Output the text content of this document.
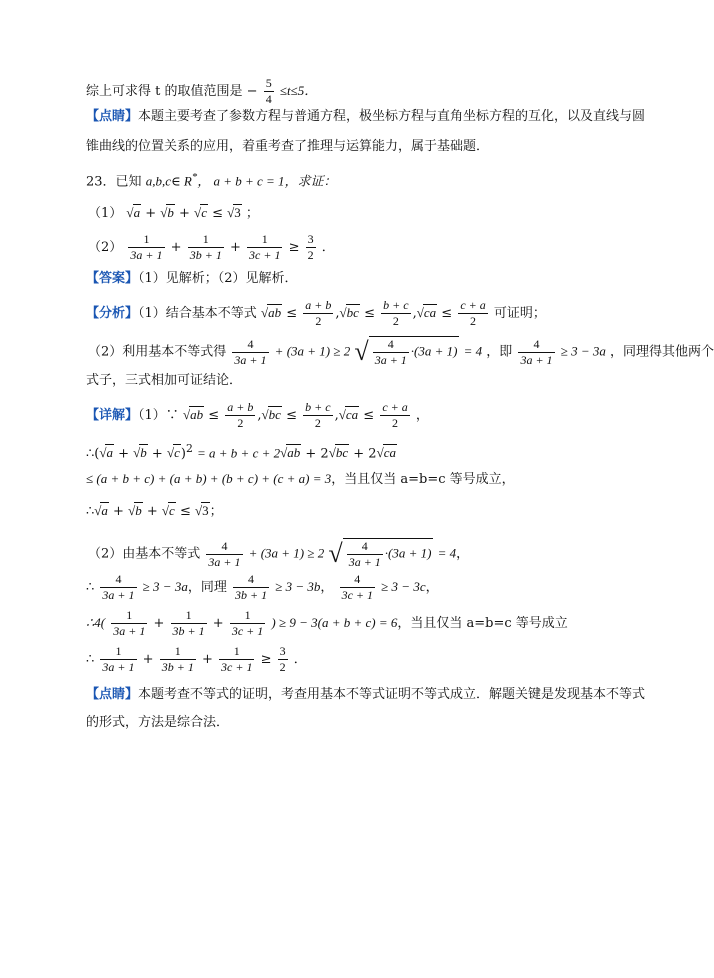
综上可求得 t 的取值范围是 − $\frac{5}{4} \le t\le 5$．
【点睛】本题主要考查了参数方程与普通方程，极坐标方程与直角坐标方程的互化，以及直线与圆
锥曲线的位置关系的应用，着重考查了推理与运算能力，属于基础题．
23．已知 a,b,c∈ R*， a + b + c = 1，求证：
（1） √a + √b + √c ≤ √3 ；
$(2) \frac{1}{3a + 1} + \frac{1}{3b + 1} + \frac{1}{3c + 1} \ge \frac{3}{2}$ ．
【答案】（1）见解析；（2）见解析．
【分析】（1）结合基本不等式 $√ab \le \frac{a + b}{2} ,√bc \le \frac{b + c}{2} ,√ca \le \frac{c + a}{2}$ 可证明；
（2）利用基本不等式得 $\frac{4}{3a + 1} + (3a + 1) \ge 2$ √ $\frac{4}{3a + 1} \cdot(3a + 1) = 4$ ，即 $\frac{4}{3a + 1} \ge 3 - 3a$ ，同理得其他两个
式子，三式相加可证结论．
【详解】（1）∵ $√ab \le \frac{a + b}{2} ,√bc \le \frac{b + c}{2} ,√ca \le \frac{c + a}{2}$ ，
∴(√a + √b + √c)$^2$ = a + b + c + 2√ab + 2√bc + 2√ca
≤ (a + b + c) + (a + b) + (b + c) + (c + a) = 3，当且仅当 a=b=c 等号成立，
∴√a + √b + √c ≤ √3；
（2）由基本不等式 $\frac{4}{3a + 1} + (3a + 1) \ge 2$ √ $\frac{4}{3a + 1} \cdot(3a + 1) = 4$，
∴ $\frac{4}{3a + 1} \ge 3 - 3a$，同理 $\frac{4}{3b + 1} \ge 3 - 3b$， $\frac{4}{3c + 1} \ge 3 - 3c$，
∴4( $\frac{1}{3a + 1} + \frac{1}{3b + 1} + \frac{1}{3c + 1}$ ) ≥ 9 − 3(a + b + c) = 6，当且仅当 a=b=c 等号成立
∴ $\frac{1}{3a + 1} + \frac{1}{3b + 1} + \frac{1}{3c + 1} \ge \frac{3}{2}$ ．
【点睛】本题考查不等式的证明，考查用基本不等式证明不等式成立．解题关键是发现基本不等式
的形式，方法是综合法．
